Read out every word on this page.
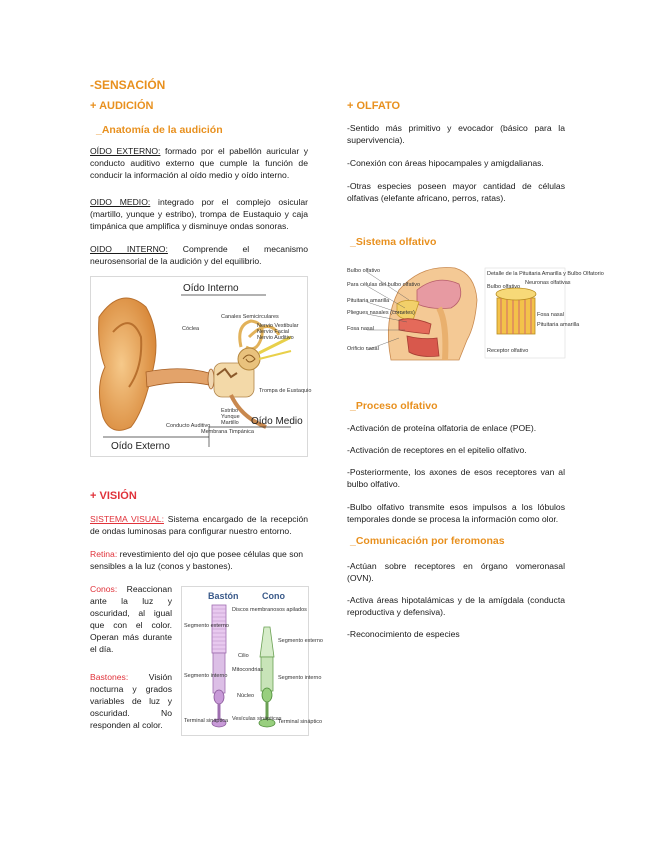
-SENSACIÓN
+ AUDICIÓN
_Anatomía de la audición
OÍDO EXTERNO: formado por el pabellón auricular y conducto auditivo externo que cumple la función de conducir la información al oído medio y oído interno.
OIDO MEDIO: integrado por el complejo osicular (martillo, yunque y estribo), trompa de Eustaquio y caja timpánica que amplifica y disminuye ondas sonoras.
OIDO INTERNO: Comprende el mecanismo neurosensorial de la audición y del equilibrio.
Cóclea
Canales Semicirculares
Nervio Vestibular
Nervio Facial
Nervio Auditivo
Trompa de Eustaquio
Estribo
Yunque
Martillo
Membrana Timpánica
Conducto Auditivo
Oído Interno
Oído Medio
Oído Externo
+ VISIÓN
SISTEMA VISUAL: Sistema encargado de la recepción de ondas luminosas para configurar nuestro entorno.
Retina: revestimiento del ojo que posee células que son sensibles a la luz (conos y bastones).
Conos: Reaccionan ante la luz y oscuridad, al igual que con el color. Operan más durante el día.
Bastones: Visión nocturna y grados variables de luz y oscuridad. No responden al color.
Bastón	Cono
Segmento externo
Segmento interno
Terminal sináptica
Discos membranosos apilados
Cilio
Mitocondrias
Núcleo
Vesículas sinápticas
Segmento externo
Segmento interno
Terminal sináptico
+ OLFATO
-Sentido más primitivo y evocador (básico para la supervivencia).
-Conexión con áreas hipocampales y amigdalianas.
-Otras especies poseen mayor cantidad de células olfativas (elefante africano, perros, ratas).
_Sistema olfativo
Bulbo olfativo
Para células del bulbo olfativo
Pituitaria amarilla
Pliegues nasales (cornetes)
Fosa nasal
Orificio nasal
Detalle de la Pituitaria Amarilla y Bulbo Olfatorio
Bulbo olfativo
Neuronas olfativas
Fosa nasal
Pituitaria amarilla
Receptor olfativo
_Proceso olfativo
-Activación de proteína olfatoria de enlace (POE).
-Activación de receptores en el epitelio olfativo.
-Posteriormente, los axones de esos receptores van al bulbo olfativo.
-Bulbo olfativo transmite esos impulsos a los lóbulos temporales donde se procesa la información como olor.
_Comunicación por feromonas
-Actúan sobre receptores en órgano vomeronasal (OVN).
-Activa áreas hipotalámicas y de la amígdala (conducta reproductiva y defensiva).
-Reconocimiento de especies
